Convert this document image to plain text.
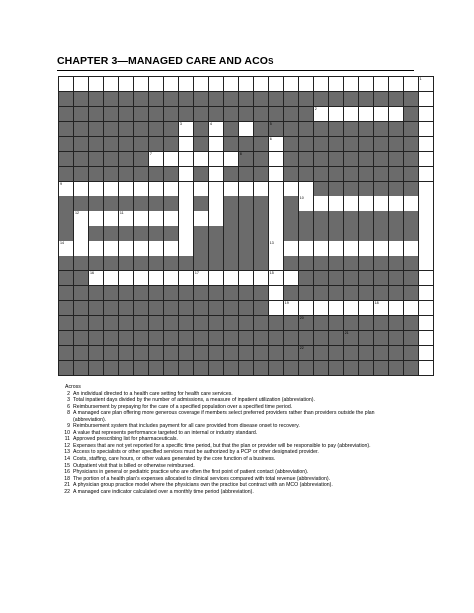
CHAPTER 3—MANAGED CARE AND ACOS
1
2
3	4	5
6
7	8
9
10
12	11
14	13
16	17	15
19	18
20
21
22
Across
2 An individual directed to a health care setting for health care services.
3 Total inpatient days divided by the number of admissions, a measure of inpatient utilization (abbreviation).
6 Reimbursement by prepaying for the care of a specified population over a specified time period.
8 A managed care plan offering more generous coverage if members select preferred providers rather than providers outside the plan
(abbreviation).
9 Reimbursement system that includes payment for all care provided from disease onset to recovery.
10 A value that represents performance targeted to an internal or industry standard.
11 Approved prescribing list for pharmaceuticals.
12 Expenses that are not yet reported for a specific time period, but that the plan or provider will be responsible to pay (abbreviation).
13 Access to specialists or other specified services must be authorized by a PCP or other designated provider.
14 Costs, staffing, care hours, or other values generated by the core function of a business.
15 Outpatient visit that is billed or otherwise reimbursed.
16 Physicians in general or pediatric practice who are often the first point of patient contact (abbreviation).
18 The portion of a health plan's expenses allocated to clinical services compared with total revenue (abbreviation).
21 A physician group practice model where the physicians own the practice but contract with an MCO (abbreviation).
22 A managed care indicator calculated over a monthly time period (abbreviation).
